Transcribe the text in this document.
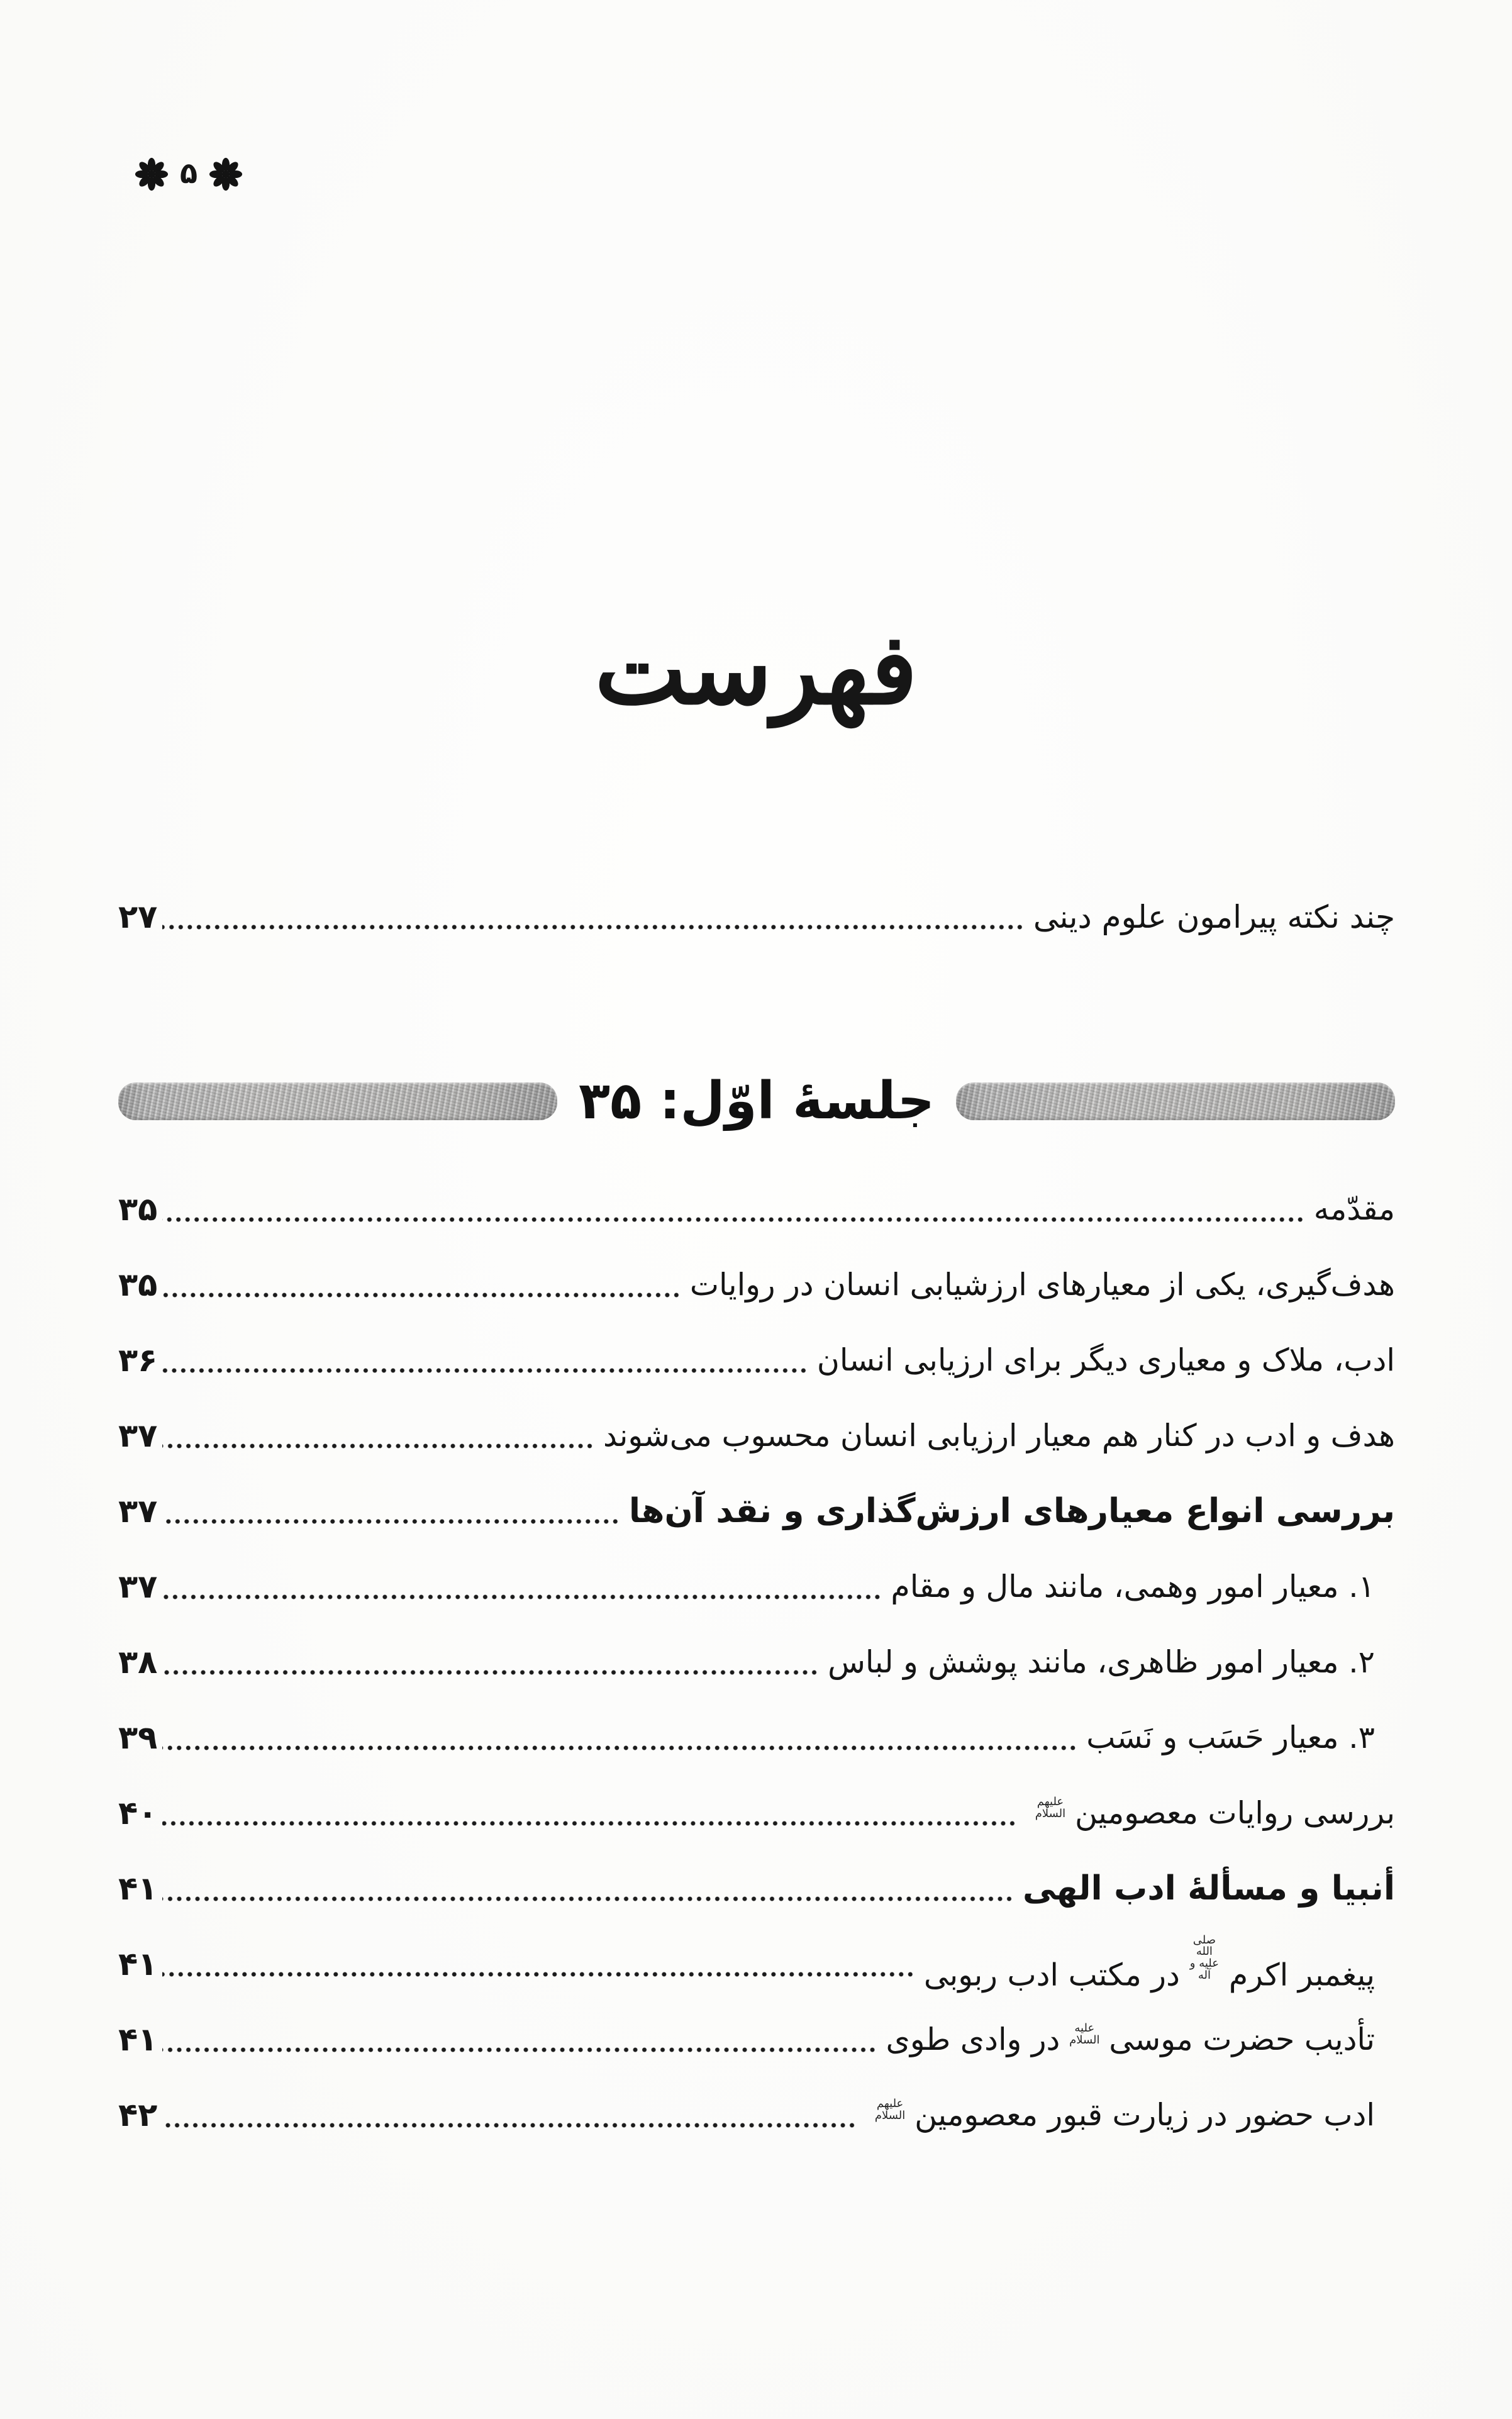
۵
فهرست
چند نکته پیرامون علوم دینی
۲۷
جلسهٔ اوّل: ۳۵
مقدّمه
۳۵
هدف‌گیری، یکی از معیارهای ارزشیابی انسان در روایات
۳۵
ادب، ملاک و معیاری دیگر برای ارزیابی انسان
۳۶
هدف و ادب در کنار هم معیار ارزیابی انسان محسوب می‌شوند
۳۷
بررسی انواع معیارهای ارزش‌گذاری و نقد آن‌ها
۳۷
۱. معیار امور وهمی، مانند مال و مقام
۳۷
۲. معیار امور ظاهری، مانند پوشش و لباس
۳۸
۳. معیار حَسَب و نَسَب
۳۹
بررسی روایات معصومینعلیهم السلام
۴۰
أنبیا و مسألهٔ ادب الهی
۴۱
پیغمبر اکرمصلی الله علیه و آلهدر مکتب ادب ربوبی
۴۱
تأدیب حضرت موسیعلیه السلامدر وادی طوی
۴۱
ادب حضور در زیارت قبور معصومینعلیهم السلام
۴۲
